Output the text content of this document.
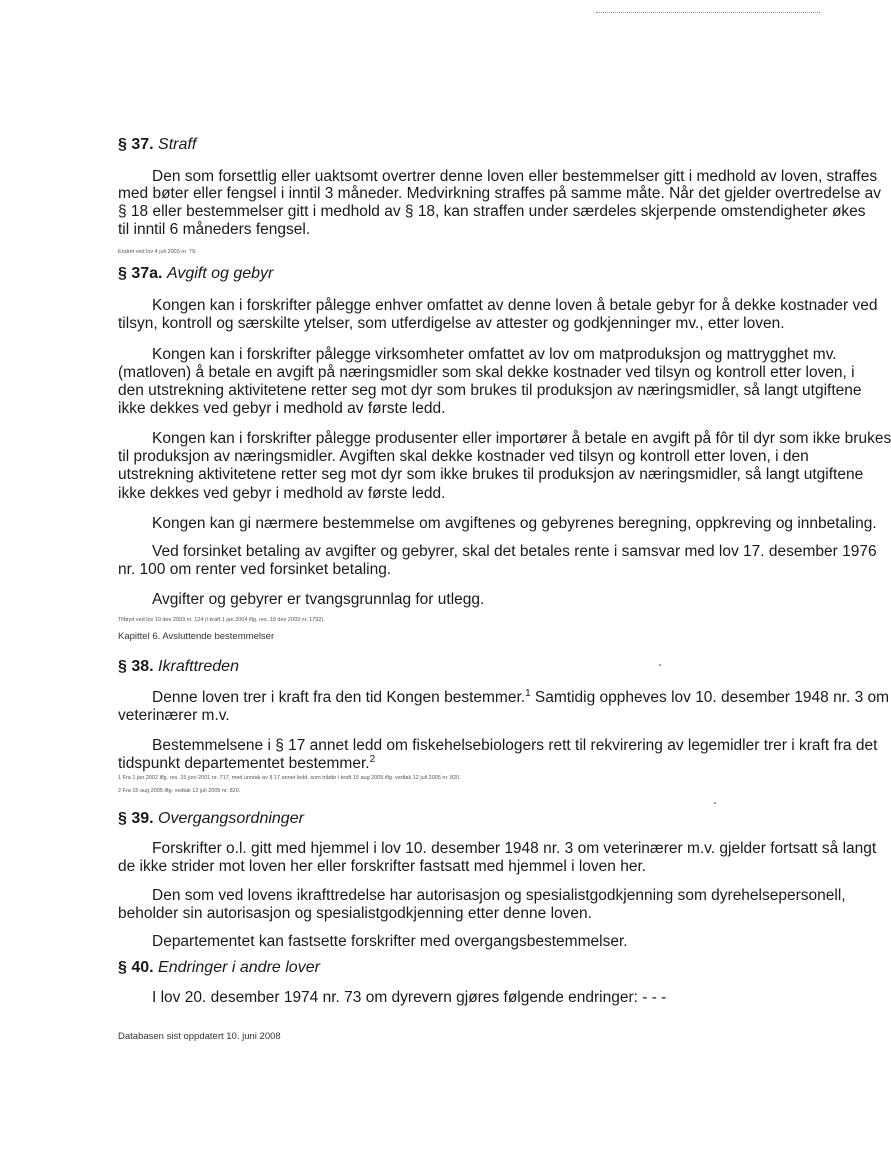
§ 37. Straff
Den som forsettlig eller uaktsomt overtrer denne loven eller bestemmelser gitt i medhold av loven, straffes
med bøter eller fengsel i inntil 3 måneder. Medvirkning straffes på samme måte. Når det gjelder overtredelse av
§ 18 eller bestemmelser gitt i medhold av § 18, kan straffen under særdeles skjerpende omstendigheter økes
til inntil 6 måneders fengsel.
Endret ved lov 4 juli 2003 nr. 79.
§ 37a. Avgift og gebyr
Kongen kan i forskrifter pålegge enhver omfattet av denne loven å betale gebyr for å dekke kostnader ved
tilsyn, kontroll og særskilte ytelser, som utferdigelse av attester og godkjenninger mv., etter loven.
Kongen kan i forskrifter pålegge virksomheter omfattet av lov om matproduksjon og mattrygghet mv.
(matloven) å betale en avgift på næringsmidler som skal dekke kostnader ved tilsyn og kontroll etter loven, i
den utstrekning aktivitetene retter seg mot dyr som brukes til produksjon av næringsmidler, så langt utgiftene
ikke dekkes ved gebyr i medhold av første ledd.
Kongen kan i forskrifter pålegge produsenter eller importører å betale en avgift på fôr til dyr som ikke brukes
til produksjon av næringsmidler. Avgiften skal dekke kostnader ved tilsyn og kontroll etter loven, i den
utstrekning aktivitetene retter seg mot dyr som ikke brukes til produksjon av næringsmidler, så langt utgiftene
ikke dekkes ved gebyr i medhold av første ledd.
Kongen kan gi nærmere bestemmelse om avgiftenes og gebyrenes beregning, oppkreving og innbetaling.
Ved forsinket betaling av avgifter og gebyrer, skal det betales rente i samsvar med lov 17. desember 1976
nr. 100 om renter ved forsinket betaling.
Avgifter og gebyrer er tvangsgrunnlag for utlegg.
Tilføyd ved lov 19 des 2003 nr. 124 (i kraft 1 jan 2004 iflg. res. 19 des 2003 nr. 1792).
Kapittel 6. Avsluttende bestemmelser
§ 38. Ikrafttreden
Denne loven trer i kraft fra den tid Kongen bestemmer.$^1$ Samtidig oppheves lov 10. desember 1948 nr. 3 om
veterinærer m.v.
Bestemmelsene i § 17 annet ledd om fiskehelsebiologers rett til rekvirering av legemidler trer i kraft fra det
tidspunkt departementet bestemmer.$^2$
1 Fra 1 jan 2002 iflg. res. 15 juni 2001 nr. 717, med unntak av § 17 annet ledd, som trådte i kraft 15 aug 2005 iflg. vedtak 12 juli 2005 nr. 820.
2 Fra 15 aug 2005 iflg. vedtak 12 juli 2005 nr. 820.
§ 39. Overgangsordninger
Forskrifter o.l. gitt med hjemmel i lov 10. desember 1948 nr. 3 om veterinærer m.v. gjelder fortsatt så langt
de ikke strider mot loven her eller forskrifter fastsatt med hjemmel i loven her.
Den som ved lovens ikrafttredelse har autorisasjon og spesialistgodkjenning som dyrehelsepersonell,
beholder sin autorisasjon og spesialistgodkjenning etter denne loven.
Departementet kan fastsette forskrifter med overgangsbestemmelser.
§ 40. Endringer i andre lover
I lov 20. desember 1974 nr. 73 om dyrevern gjøres følgende endringer: - - -
Databasen sist oppdatert 10. juni 2008
